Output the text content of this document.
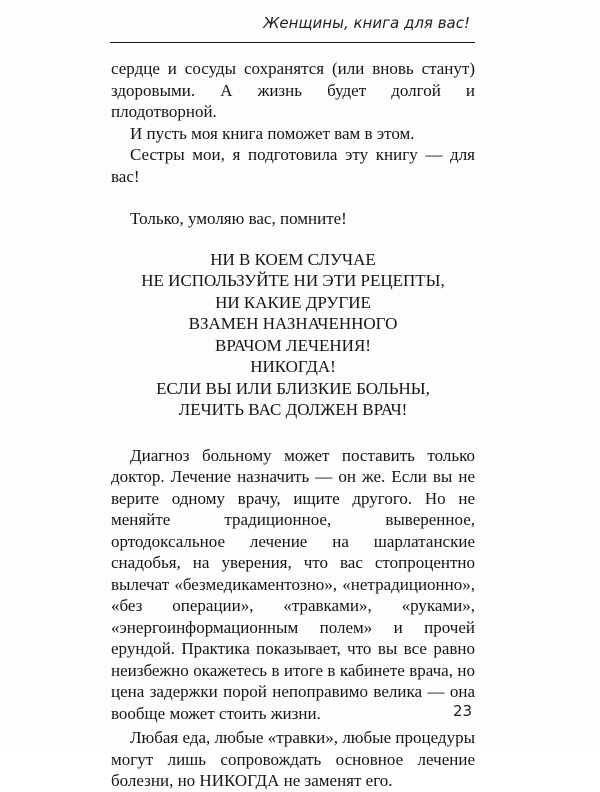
Женщины, книга для вас!

сердце и сосуды сохранятся (или вновь станут) здоровыми. А жизнь будет долгой и плодотворной.

И пусть моя книга поможет вам в этом.

Сестры мои, я подготовила эту книгу — для вас!

Только, умоляю вас, помните!

НИ В КОЕМ СЛУЧАЕ
НЕ ИСПОЛЬЗУЙТЕ НИ ЭТИ РЕЦЕПТЫ,
НИ КАКИЕ ДРУГИЕ
ВЗАМЕН НАЗНАЧЕННОГО
ВРАЧОМ ЛЕЧЕНИЯ!
НИКОГДА!
ЕСЛИ ВЫ ИЛИ БЛИЗКИЕ БОЛЬНЫ,
ЛЕЧИТЬ ВАС ДОЛЖЕН ВРАЧ!

Диагноз больному может поставить только доктор. Лечение назначить — он же. Если вы не верите одному врачу, ищите другого. Но не меняйте традиционное, выверенное, ортодоксальное лечение на шарлатанские снадобья, на уверения, что вас стопроцентно вылечат «безмедикаментозно», «нетрадиционно», «без операции», «травками», «руками», «энергоинформационным полем» и прочей ерундой. Практика показывает, что вы все равно неизбежно окажетесь в итоге в кабинете врача, но цена задержки порой непоправимо велика — она вообще может стоить жизни.

Любая еда, любые «травки», любые процедуры могут лишь сопровождать основное лечение болезни, но НИКОГДА не заменят его.

23
